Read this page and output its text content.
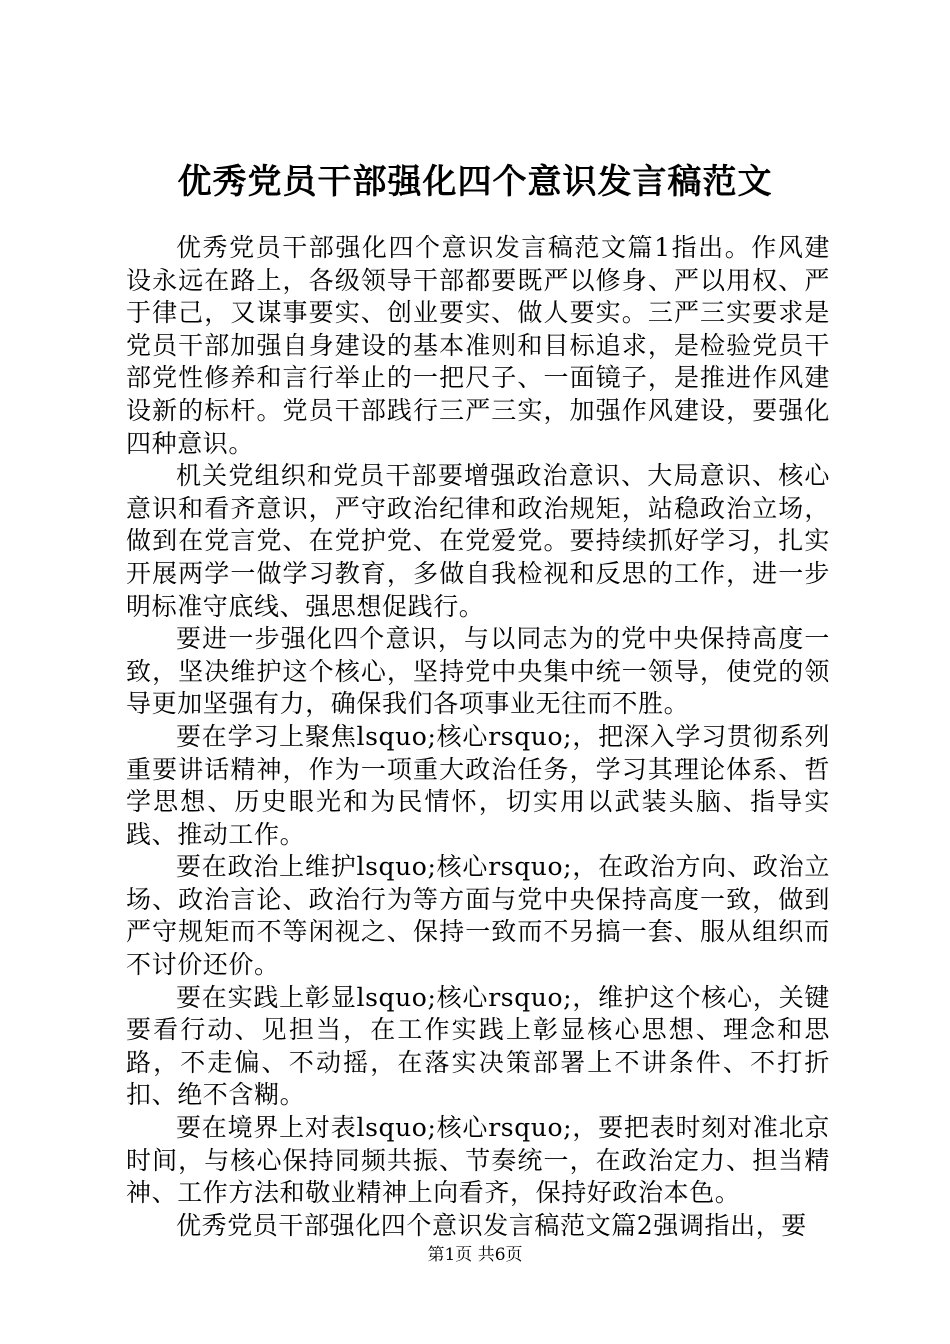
优秀党员干部强化四个意识发言稿范文

优秀党员干部强化四个意识发言稿范文篇1指出。作风建设永远在路上，各级领导干部都要既严以修身、严以用权、严于律己，又谋事要实、创业要实、做人要实。三严三实要求是党员干部加强自身建设的基本准则和目标追求，是检验党员干部党性修养和言行举止的一把尺子、一面镜子，是推进作风建设新的标杆。党员干部践行三严三实，加强作风建设，要强化四种意识。

机关党组织和党员干部要增强政治意识、大局意识、核心意识和看齐意识，严守政治纪律和政治规矩，站稳政治立场，做到在党言党、在党护党、在党爱党。要持续抓好学习，扎实开展两学一做学习教育，多做自我检视和反思的工作，进一步明标准守底线、强思想促践行。

要进一步强化四个意识，与以同志为的党中央保持高度一致，坚决维护这个核心，坚持党中央集中统一领导，使党的领导更加坚强有力，确保我们各项事业无往而不胜。

要在学习上聚焦lsquo;核心rsquo;，把深入学习贯彻系列重要讲话精神，作为一项重大政治任务，学习其理论体系、哲学思想、历史眼光和为民情怀，切实用以武装头脑、指导实践、推动工作。

要在政治上维护lsquo;核心rsquo;，在政治方向、政治立场、政治言论、政治行为等方面与党中央保持高度一致，做到严守规矩而不等闲视之、保持一致而不另搞一套、服从组织而不讨价还价。

要在实践上彰显lsquo;核心rsquo;，维护这个核心，关键要看行动、见担当，在工作实践上彰显核心思想、理念和思路，不走偏、不动摇，在落实决策部署上不讲条件、不打折扣、绝不含糊。

要在境界上对表lsquo;核心rsquo;，要把表时刻对准北京时间，与核心保持同频共振、节奏统一，在政治定力、担当精神、工作方法和敬业精神上向看齐，保持好政治本色。

优秀党员干部强化四个意识发言稿范文篇2强调指出，要

第1页 共6页
